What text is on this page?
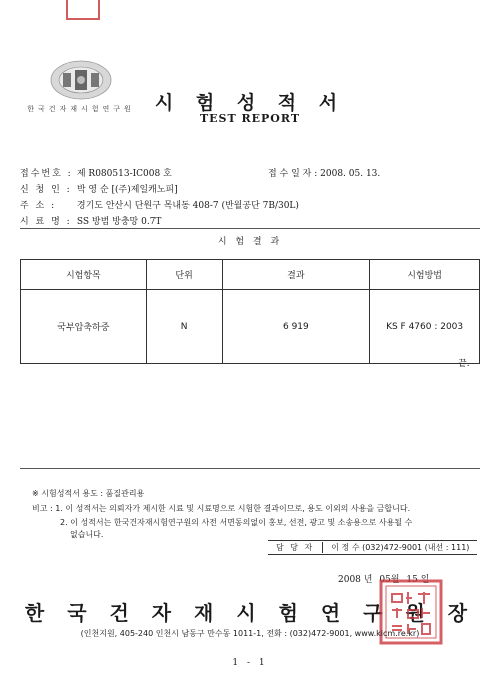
한국건자재시험연구원	시 험 성 적 서
TEST REPORT
접수번호 : 제 R080513-IC008 호	접 수 일 자 : 2008. 05. 13.
신 청 인 : 박 영 순 [(주)제일캐노피]
주 소 : 경기도 안산시 단원구 목내동 408-7 (반월공단 7B/30L)
시 료 명 : SS 방범 방충망 0.7T
시 험 결 과
시험항목	단위	결과	시험방법
국부압축하중	N	6 919	KS F 4760 : 2003
끝.
※ 시험성적서 용도 : 품질관리용
비고 : 1. 이 성적서는 의뢰자가 제시한 시료 및 시료명으로 시험한 결과이므로, 용도 이외의 사용을 금합니다.
2. 이 성적서는 한국건자재시험연구원의 사전 서면동의없이 홍보, 선전, 광고 및 소송용으로 사용될 수
없습니다.
담 당 자 이 정 수 (032)472-9001 (내선 : 111)
2008 년 05월 15 일
한 국 건 자 재 시 험 연 구 원 장
(인천지원, 405-240 인천시 남동구 만수동 1011-1, 전화 : (032)472-9001, www.kicm.re.kr)
1 - 1
